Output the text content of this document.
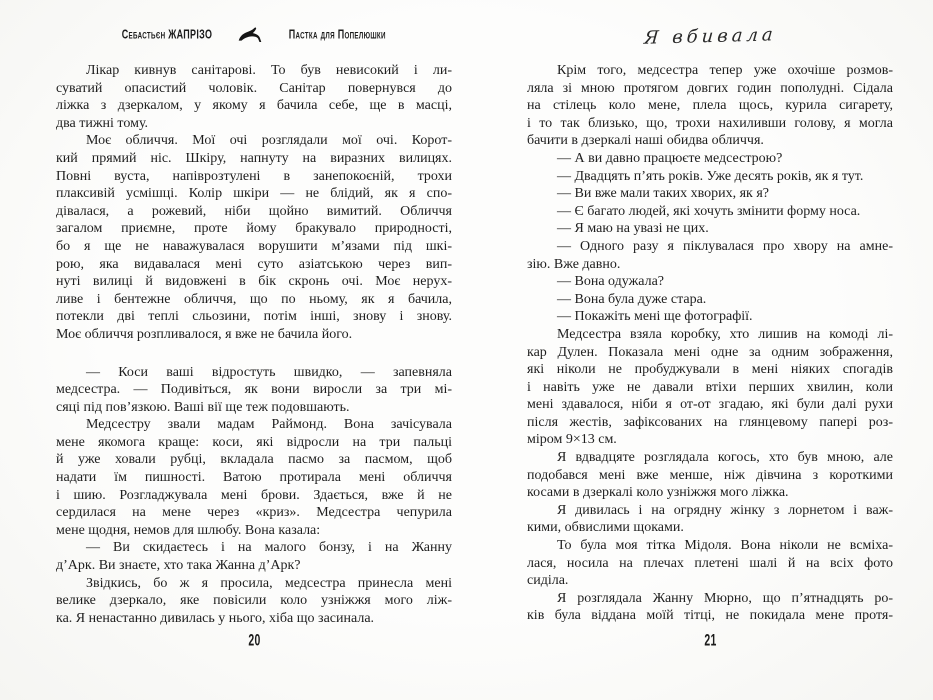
Себастьєн ЖАПРІЗО	Пастка для Попелюшки
Лікар кивнув санітарові. То був невисокий і ли-
суватий опасистий чоловік. Санітар повернувся до
ліжка з дзеркалом, у якому я бачила себе, ще в масці,
два тижні тому.
Моє обличчя. Мої очі розглядали мої очі. Корот-
кий прямий ніс. Шкіру, напнуту на виразних вилицях.
Повні вуста, напіврозтулені в занепокоєній, трохи
плаксивій усмішці. Колір шкіри — не блідий, як я спо-
дівалася, а рожевий, ніби щойно вимитий. Обличчя
загалом приємне, проте йому бракувало природності,
бо я ще не наважувалася ворушити м’язами під шкі-
рою, яка видавалася мені суто азіатською через вип-
нуті вилиці й видовжені в бік скронь очі. Моє нерух-
ливе і бентежне обличчя, що по ньому, як я бачила,
потекли дві теплі сльозини, потім інші, знову і знову.
Моє обличчя розпливалося, я вже не бачила його.
— Коси ваші відростуть швидко, — запевняла
медсестра. — Подивіться, як вони виросли за три мі-
сяці під пов’язкою. Ваші вії ще теж подовшають.
Медсестру звали мадам Раймонд. Вона зачісувала
мене якомога краще: коси, які відросли на три пальці
й уже ховали рубці, вкладала пасмо за пасмом, щоб
надати їм пишності. Ватою протирала мені обличчя
і шию. Розгладжувала мені брови. Здається, вже й не
сердилася на мене через «криз». Медсестра чепурила
мене щодня, немов для шлюбу. Вона казала:
— Ви скидаєтесь і на малого бонзу, і на Жанну
д’Арк. Ви знаєте, хто така Жанна д’Арк?
Звідкись, бо ж я просила, медсестра принесла мені
велике дзеркало, яке повісили коло узніжжя мого ліж-
ка. Я ненастанно дивилась у нього, хіба що засинала.
20
Я вбивала
Крім того, медсестра тепер уже охочіше розмов-
ляла зі мною протягом довгих годин пополудні. Сідала
на стілець коло мене, плела щось, курила сигарету,
і то так близько, що, трохи нахиливши голову, я могла
бачити в дзеркалі наші обидва обличчя.
— А ви давно працюєте медсестрою?
— Двадцять п’ять років. Уже десять років, як я тут.
— Ви вже мали таких хворих, як я?
— Є багато людей, які хочуть змінити форму носа.
— Я маю на увазі не цих.
— Одного разу я піклувалася про хвору на амне-
зію. Вже давно.
— Вона одужала?
— Вона була дуже стара.
— Покажіть мені ще фотографії.
Медсестра взяла коробку, хто лишив на комоді лі-
кар Дулен. Показала мені одне за одним зображення,
які ніколи не пробуджували в мені ніяких спогадів
і навіть уже не давали втіхи перших хвилин, коли
мені здавалося, ніби я от-от згадаю, які були далі рухи
після жестів, зафіксованих на глянцевому папері роз-
міром 9×13 см.
Я вдвадцяте розглядала когось, хто був мною, але
подобався мені вже менше, ніж дівчина з короткими
косами в дзеркалі коло узніжжя мого ліжка.
Я дивилась і на огрядну жінку з лорнетом і важ-
кими, обвислими щоками.
То була моя тітка Мідоля. Вона ніколи не всміха-
лася, носила на плечах плетені шалі й на всіх фото
сиділа.
Я розглядала Жанну Мюрно, що п’ятнадцять ро-
ків була віддана моїй тітці, не покидала мене протя-
21
